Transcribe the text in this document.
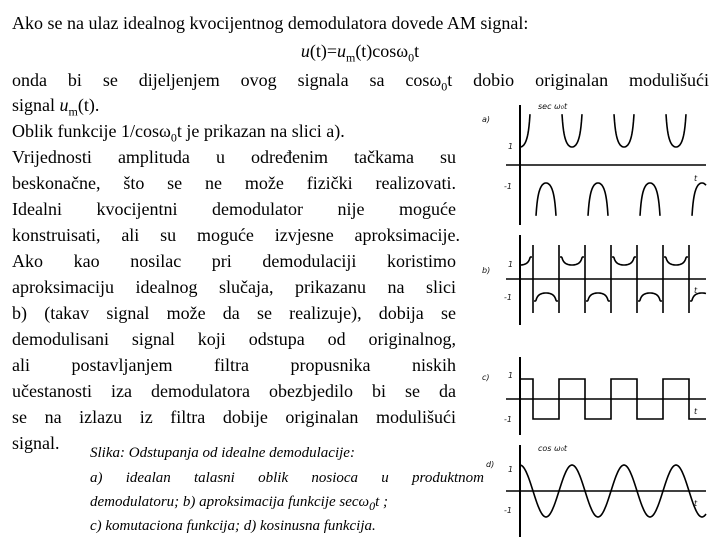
Ako se na ulaz idealnog kvocijentnog demodulatora dovede AM signal:
$u(t)=u_m(t)\cos\omega_0t$
onda bi se dijeljenjem ovog signala sa cosω$_0$t dobio originalan modulišući
signal $u_m(t)$.
Oblik funkcije 1/cosω$_0$t je prikazan na slici a).
Vrijednosti amplituda u određenim tačkama su
beskonačne, što se ne može fizički realizovati.
Idealni kvocijentni demodulator nije moguće
konstruisati, ali su moguće izvjesne aproksimacije.
Ako kao nosilac pri demodulaciji koristimo
aproksimaciju idealnog slučaja, prikazanu na slici
b) (takav signal može da se realizuje), dobija se
demodulisani signal koji odstupa od originalnog,
ali postavljanjem filtra propusnika niskih
učestanosti iza demodulatora obezbjedilo bi se da
se na izlazu iz filtra dobije originalan modulišući
signal. Slika: Odstupanja od idealne demodulacije:
a) idealan talasni oblik nosioca u produktnom
demodulatoru; b) aproksimacija funkcije secω$_0$t ;
c) komutaciona funkcija; d) kosinusna funkcija.
a)
sec ω₀t
1
-1
t
b)
1
-1
t
c) 1
-1
t
d)
cos ω₀t
1
-1
t
